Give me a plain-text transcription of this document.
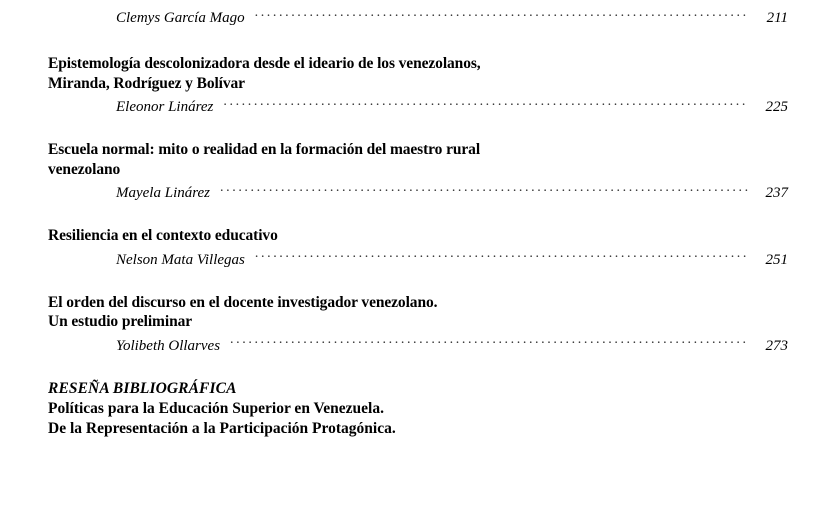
Clemys García Mago .....	211
Epistemología descolonizadora desde el ideario de los venezolanos,
Miranda, Rodríguez y Bolívar
Eleonor Linárez .....	225
Escuela normal: mito o realidad en la formación del maestro rural
venezolano
Mayela Linárez .....	237
Resiliencia en el contexto educativo
Nelson Mata Villegas .....	251
El orden del discurso en el docente investigador venezolano.
Un estudio preliminar
Yolibeth Ollarves .....	273
RESEÑA BIBLIOGRÁFICA
Políticas para la Educación Superior en Venezuela.
De la Representación a la Participación Protagónica.
